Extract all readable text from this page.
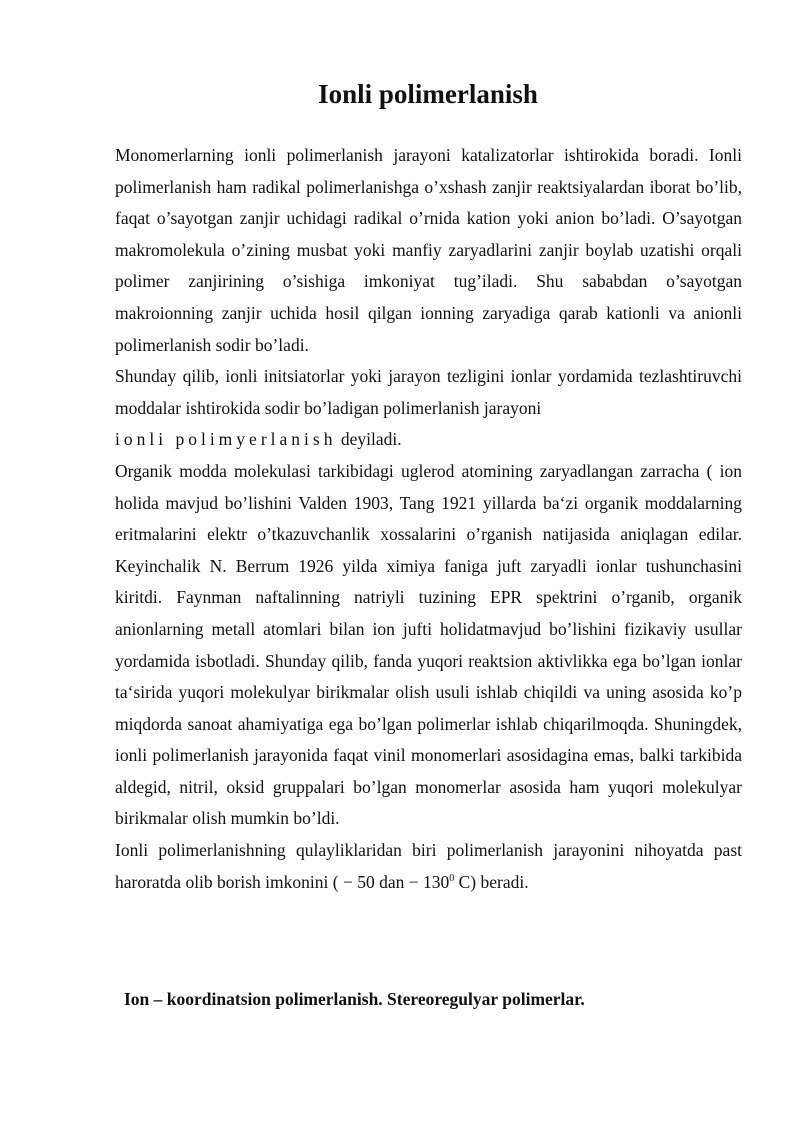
Ionli polimerlanish

Monomerlarning ionli polimerlanish jarayoni katalizatorlar ishtirokida boradi. Ionli polimerlanish ham radikal polimerlanishga o’xshash zanjir reaktsiyalardan iborat bo’lib, faqat o’sayotgan zanjir uchidagi radikal o’rnida kation yoki anion bo’ladi. O’sayotgan makromolekula o’zining musbat yoki manfiy zaryadlarini zanjir boylab uzatishi orqali polimer zanjirining o’sishiga imkoniyat tug’iladi. Shu sababdan o’sayotgan makroionning zanjir uchida hosil qilgan ionning zaryadiga qarab kationli va anionli polimerlanish sodir bo’ladi.

Shunday qilib, ionli initsiatorlar yoki jarayon tezligini ionlar yordamida tezlashtiruvchi moddalar ishtirokida sodir bo’ladigan polimerlanish jarayoni
ionli polimyerlanish deyiladi.

Organik modda molekulasi tarkibidagi uglerod atomining zaryadlangan zarracha ( ion holida mavjud bo’lishini Valden 1903, Tang 1921 yillarda ba‘zi organik moddalarning eritmalarini elektr o’tkazuvchanlik xossalarini o’rganish natijasida aniqlagan edilar. Keyinchalik N. Berrum 1926 yilda ximiya faniga juft zaryadli ionlar tushunchasini kiritdi. Faynman naftalinning natriyli tuzining EPR spektrini o’rganib, organik anionlarning metall atomlari bilan ion jufti holidatmavjud bo’lishini fizikaviy usullar yordamida isbotladi. Shunday qilib, fanda yuqori reaktsion aktivlikka ega bo’lgan ionlar ta‘sirida yuqori molekulyar birikmalar olish usuli ishlab chiqildi va uning asosida ko’p miqdorda sanoat ahamiyatiga ega bo’lgan polimerlar ishlab chiqarilmoqda. Shuningdek, ionli polimerlanish jarayonida faqat vinil monomerlari asosidagina emas, balki tarkibida aldegid, nitril, oksid gruppalari bo’lgan monomerlar asosida ham yuqori molekulyar birikmalar olish mumkin bo’ldi.

Ionli polimerlanishning qulayliklaridan biri polimerlanish jarayonini nihoyatda past haroratda olib borish imkonini ( − 50 dan − $130^0$ C) beradi.

Ion – koordinatsion polimerlanish. Stereoregulyar polimerlar.
